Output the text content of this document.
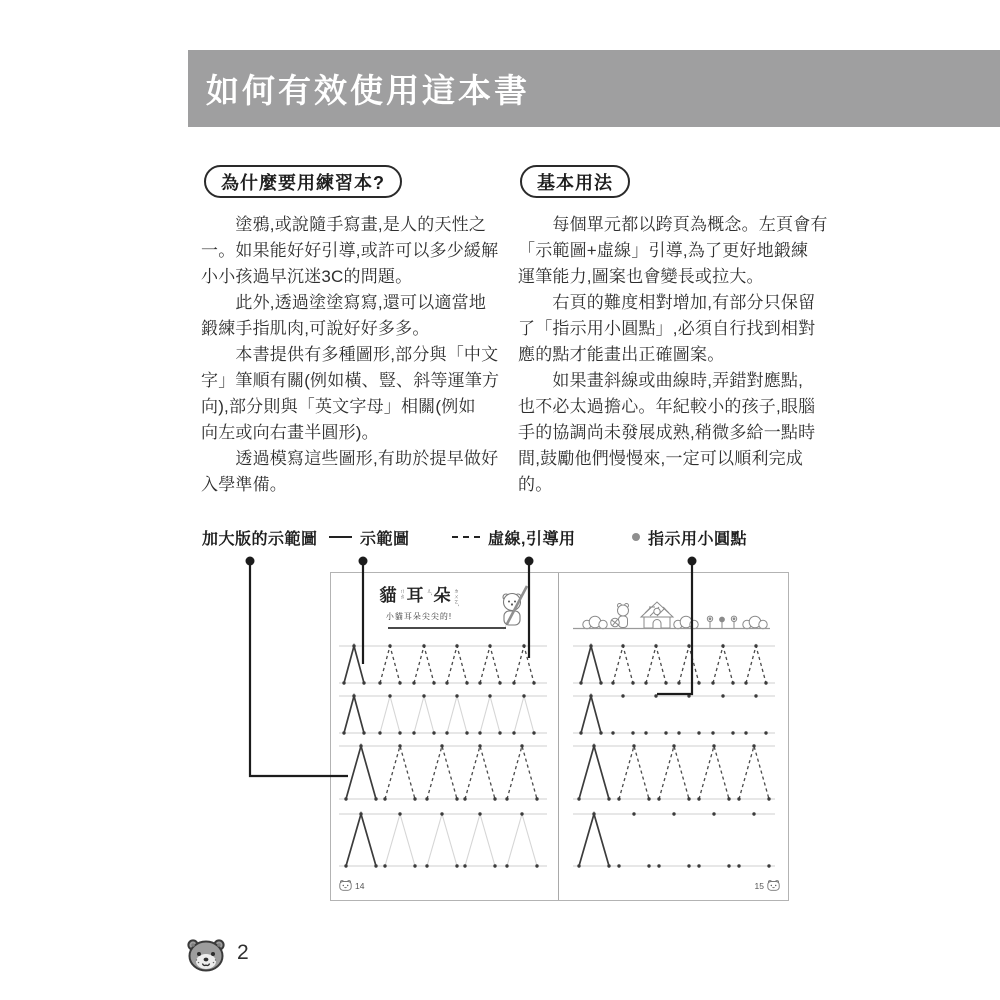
如何有效使用這本書
為什麼要用練習本?	基本用法
　　塗鴉,或說隨手寫畫,是人的天性之
一。如果能好好引導,或許可以多少緩解
小小孩過早沉迷3C的問題。
　　此外,透過塗塗寫寫,還可以適當地
鍛練手指肌肉,可說好好多多。
　　本書提供有多種圖形,部分與「中文
字」筆順有關(例如橫、豎、斜等運筆方
向),部分則與「英文字母」相關(例如
向左或向右畫半圓形)。
　　透過模寫這些圖形,有助於提早做好
入學準備。
　　每個單元都以跨頁為概念。左頁會有
「示範圖+虛線」引導,為了更好地鍛練
運筆能力,圖案也會變長或拉大。
　　右頁的難度相對增加,有部分只保留
了「指示用小圓點」,必須自行找到相對
應的點才能畫出正確圖案。
　　如果畫斜線或曲線時,弄錯對應點,
也不必太過擔心。年紀較小的孩子,眼腦
手的協調尚未發展成熟,稍微多給一點時
間,鼓勵他們慢慢來,一定可以順利完成
的。
加大版的示範圖	示範圖	虛線,引導用	指示用小圓點
貓 ㄇㄠ 耳 ㄦˇ 朵 ㄉㄨㄛˇ
小貓耳朵尖尖的!
14	15
2
